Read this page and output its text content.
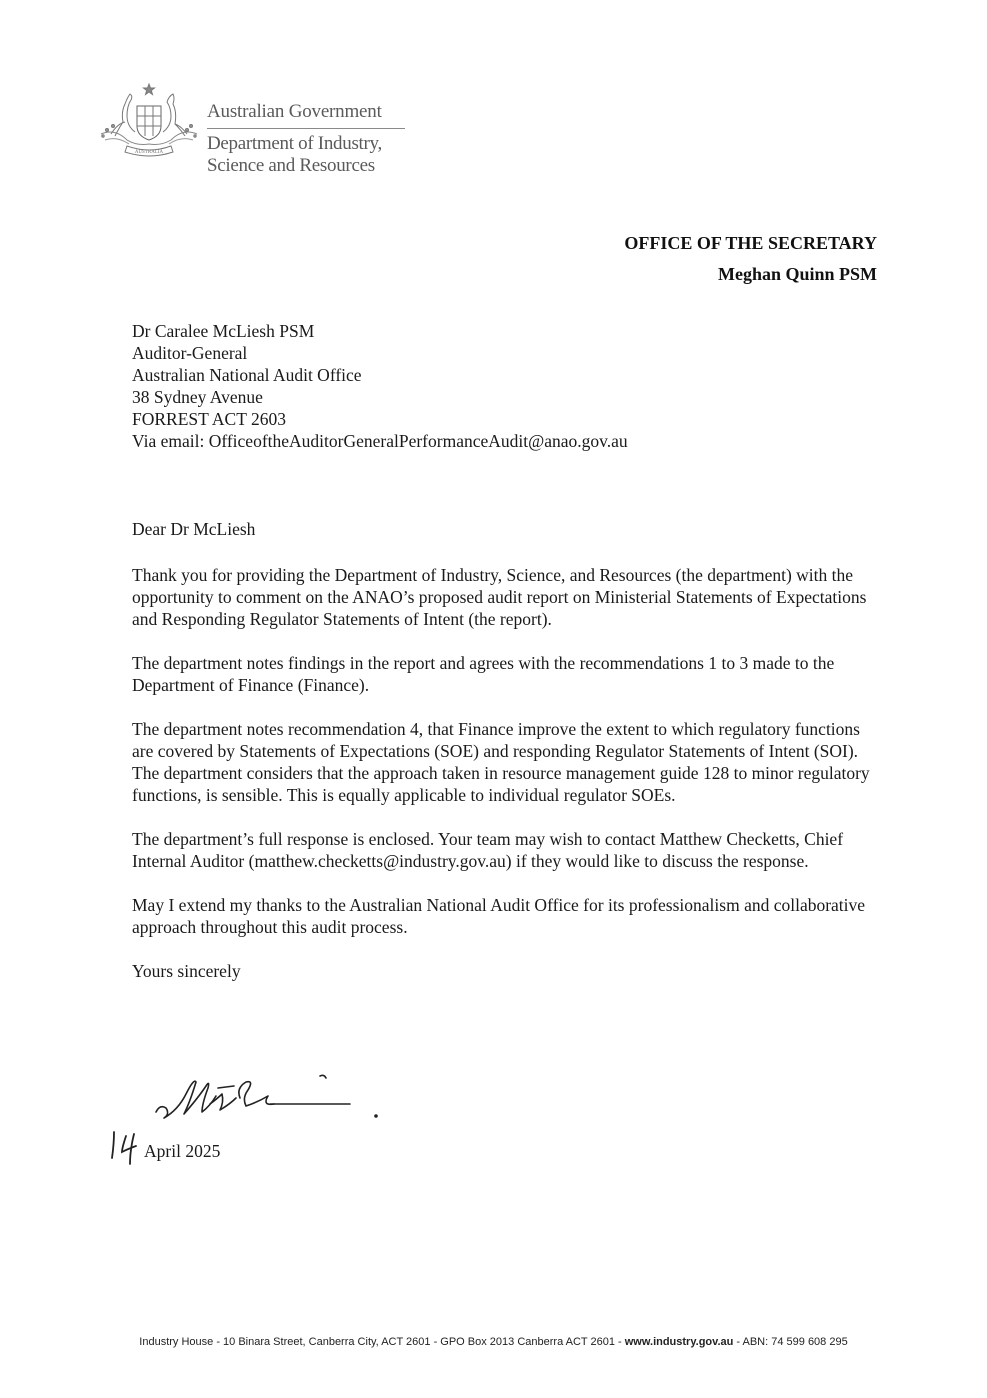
AUSTRALIA
Australian Government
Department of Industry,
Science and Resources
OFFICE OF THE SECRETARY
Meghan Quinn PSM
Dr Caralee McLiesh PSM
Auditor-General
Australian National Audit Office
38 Sydney Avenue
FORREST ACT 2603
Via email: OfficeoftheAuditorGeneralPerformanceAudit@anao.gov.au

Dear Dr McLiesh

Thank you for providing the Department of Industry, Science, and Resources (the department) with the opportunity to comment on the ANAO’s proposed audit report on Ministerial Statements of Expectations and Responding Regulator Statements of Intent (the report).

The department notes findings in the report and agrees with the recommendations 1 to 3 made to the Department of Finance (Finance).

The department notes recommendation 4, that Finance improve the extent to which regulatory functions are covered by Statements of Expectations (SOE) and responding Regulator Statements of Intent (SOI). The department considers that the approach taken in resource management guide 128 to minor regulatory functions, is sensible. This is equally applicable to individual regulator SOEs.

The department’s full response is enclosed. Your team may wish to contact Matthew Checketts, Chief Internal Auditor (matthew.checketts@industry.gov.au) if they would like to discuss the response.

May I extend my thanks to the Australian National Audit Office for its professionalism and collaborative approach throughout this audit process.

Yours sincerely

April 2025
Industry House - 10 Binara Street, Canberra City, ACT 2601 - GPO Box 2013 Canberra ACT 2601 - www.industry.gov.au - ABN: 74 599 608 295
